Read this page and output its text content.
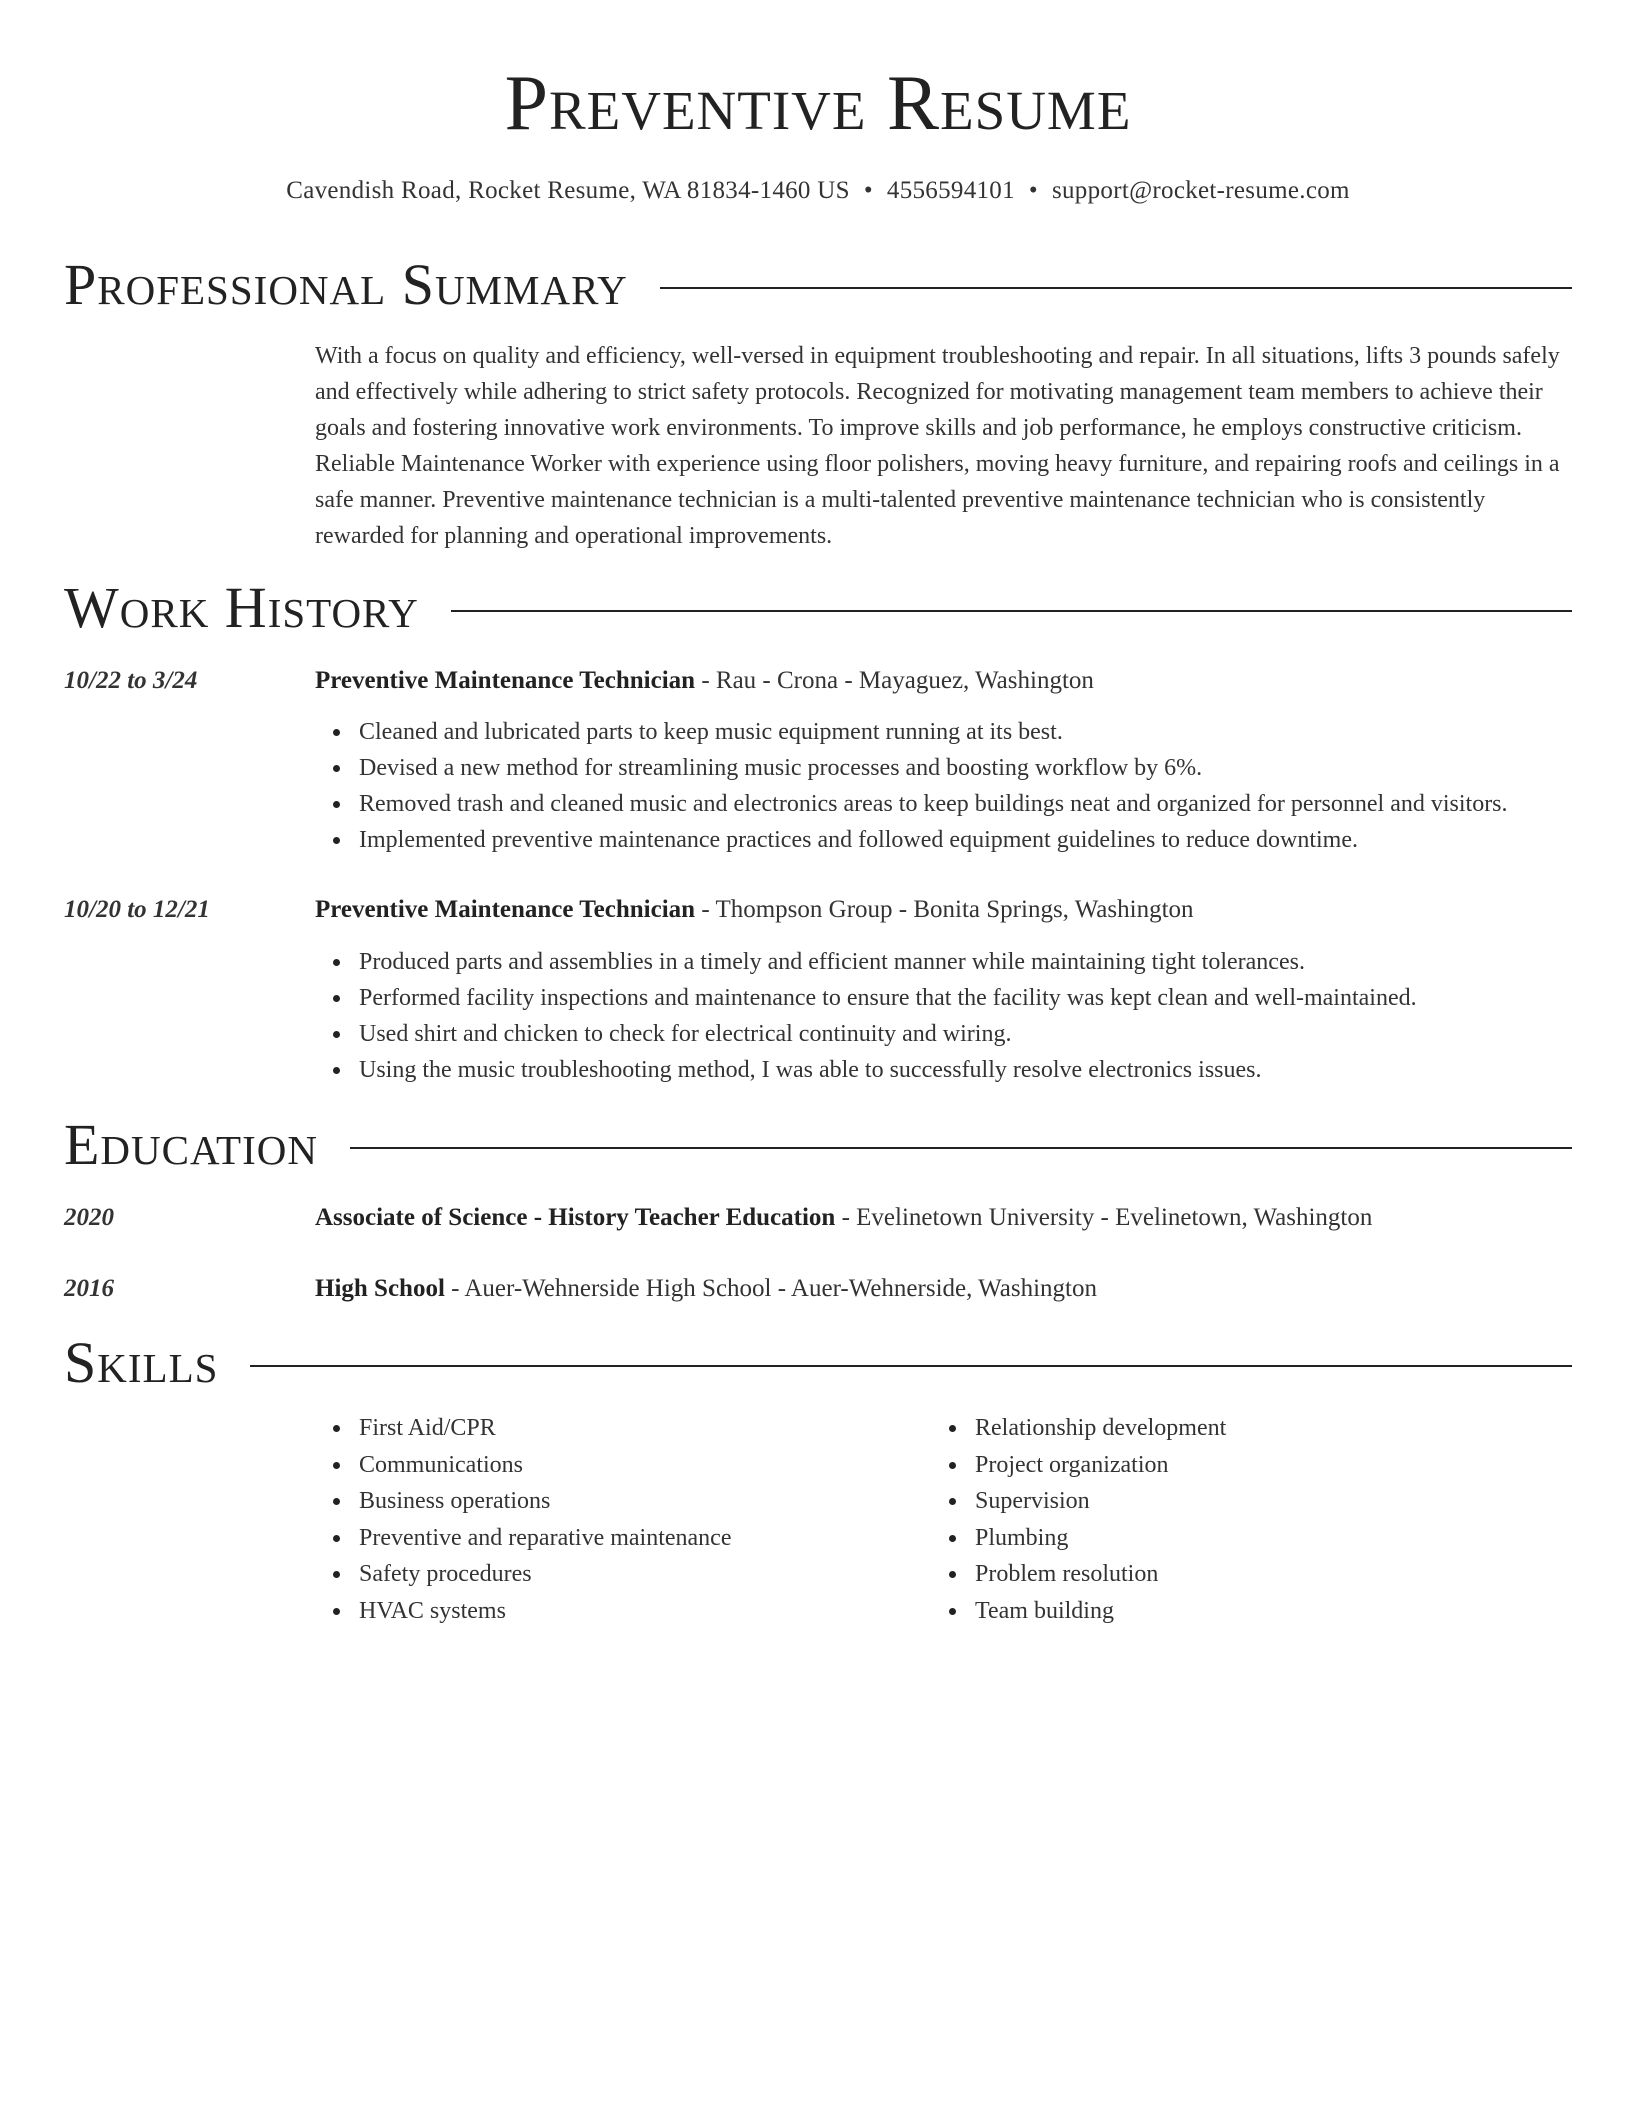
Preventive Resume
Cavendish Road, Rocket Resume, WA 81834-1460 US • 4556594101 • support@rocket-resume.com
Professional Summary
With a focus on quality and efficiency, well-versed in equipment troubleshooting and repair. In all situations, lifts 3 pounds safely and effectively while adhering to strict safety protocols. Recognized for motivating management team members to achieve their goals and fostering innovative work environments. To improve skills and job performance, he employs constructive criticism. Reliable Maintenance Worker with experience using floor polishers, moving heavy furniture, and repairing roofs and ceilings in a safe manner. Preventive maintenance technician is a multi-talented preventive maintenance technician who is consistently rewarded for planning and operational improvements.
Work History
10/22 to 3/24	Preventive Maintenance Technician - Rau - Crona - Mayaguez, Washington
Cleaned and lubricated parts to keep music equipment running at its best.
Devised a new method for streamlining music processes and boosting workflow by 6%.
Removed trash and cleaned music and electronics areas to keep buildings neat and organized for personnel and visitors.
Implemented preventive maintenance practices and followed equipment guidelines to reduce downtime.
10/20 to 12/21	Preventive Maintenance Technician - Thompson Group - Bonita Springs, Washington
Produced parts and assemblies in a timely and efficient manner while maintaining tight tolerances.
Performed facility inspections and maintenance to ensure that the facility was kept clean and well-maintained.
Used shirt and chicken to check for electrical continuity and wiring.
Using the music troubleshooting method, I was able to successfully resolve electronics issues.
Education
2020	Associate of Science - History Teacher Education - Evelinetown University - Evelinetown, Washington
2016	High School - Auer-Wehnerside High School - Auer-Wehnerside, Washington
Skills
First Aid/CPR
Communications
Business operations
Preventive and reparative maintenance
Safety procedures
HVAC systems
Relationship development
Project organization
Supervision
Plumbing
Problem resolution
Team building
